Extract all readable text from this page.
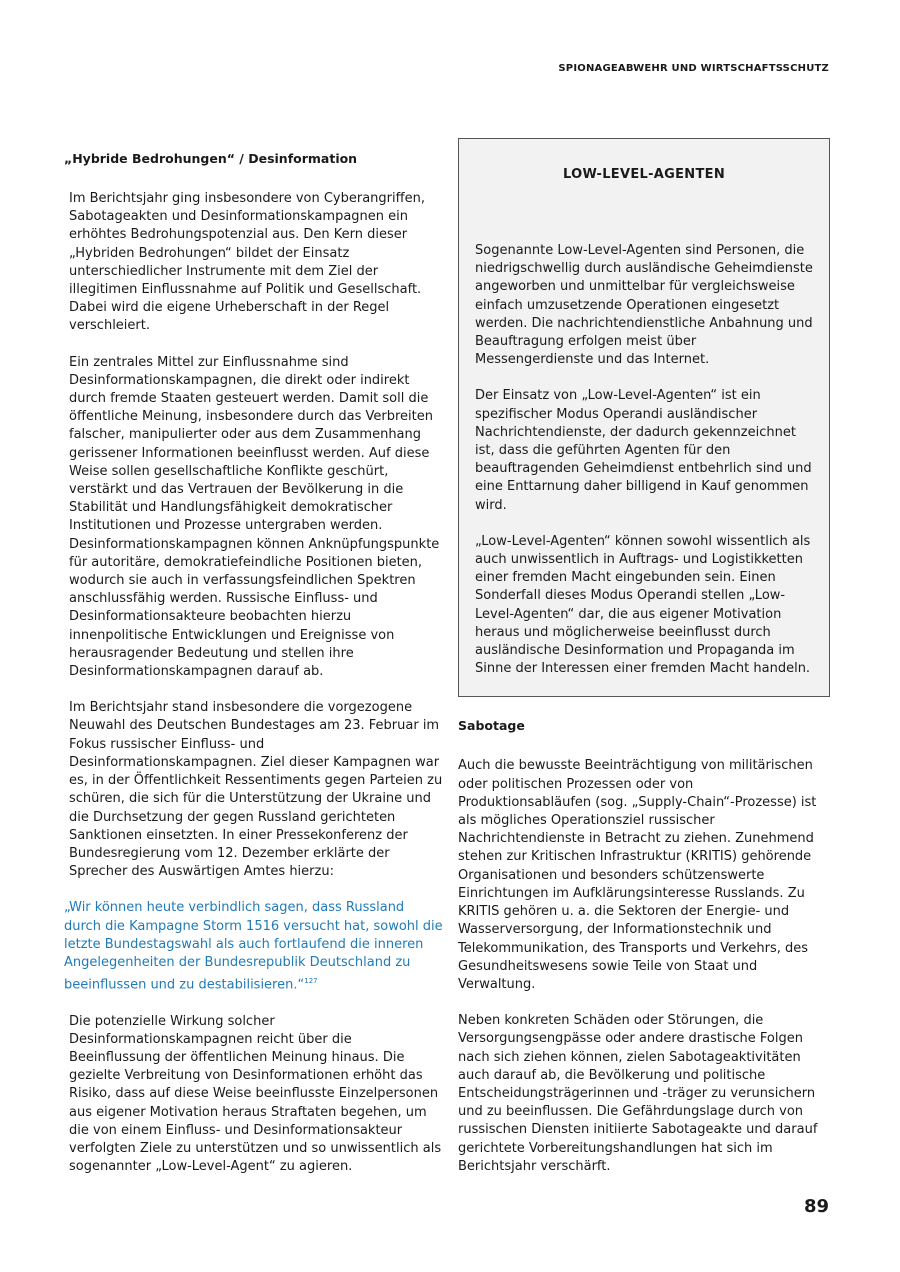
SPIONAGEABWEHR UND WIRTSCHAFTSSCHUTZ
„Hybride Bedrohungen“ / Desinformation

Im Berichtsjahr ging insbesondere von Cyberangriffen, Sabotageakten und Desinformationskampagnen ein erhöhtes Bedrohungspotenzial aus. Den Kern dieser „Hybriden Bedrohungen“ bildet der Einsatz unterschiedlicher Instrumente mit dem Ziel der illegitimen Einflussnahme auf Politik und Gesellschaft. Dabei wird die eigene Urheberschaft in der Regel verschleiert.

Ein zentrales Mittel zur Einflussnahme sind Desinformationskampagnen, die direkt oder indirekt durch fremde Staaten gesteuert werden. Damit soll die öffentliche Meinung, insbesondere durch das Verbreiten falscher, manipulierter oder aus dem Zusammenhang gerissener Informationen beeinflusst werden. Auf diese Weise sollen gesellschaftliche Konflikte geschürt, verstärkt und das Vertrauen der Bevölkerung in die Stabilität und Handlungsfähigkeit demokratischer Institutionen und Prozesse untergraben werden. Desinformationskampagnen können Anknüpfungspunkte für autoritäre, demokratiefeindliche Positionen bieten, wodurch sie auch in verfassungsfeindlichen Spektren anschlussfähig werden. Russische Einfluss- und Desinformationsakteure beobachten hierzu innenpolitische Entwicklungen und Ereignisse von herausragender Bedeutung und stellen ihre Desinformationskampagnen darauf ab.

Im Berichtsjahr stand insbesondere die vorgezogene Neuwahl des Deutschen Bundestages am 23. Februar im Fokus russischer Einfluss- und Desinformationskampagnen. Ziel dieser Kampagnen war es, in der Öffentlichkeit Ressentiments gegen Parteien zu schüren, die sich für die Unterstützung der Ukraine und die Durchsetzung der gegen Russland gerichteten Sanktionen einsetzten. In einer Pressekonferenz der Bundesregierung vom 12. Dezember erklärte der Sprecher des Auswärtigen Amtes hierzu:

„Wir können heute verbindlich sagen, dass Russland durch die Kampagne Storm 1516 versucht hat, sowohl die letzte Bundestagswahl als auch fortlaufend die inneren Angelegenheiten der Bundesrepublik Deutschland zu beeinflussen und zu destabilisieren.“$^{127}$

Die potenzielle Wirkung solcher Desinformationskampagnen reicht über die Beeinflussung der öffentlichen Meinung hinaus. Die gezielte Verbreitung von Desinformationen erhöht das Risiko, dass auf diese Weise beeinflusste Einzelpersonen aus eigener Motivation heraus Straftaten begehen, um die von einem Einfluss- und Desinformationsakteur verfolgten Ziele zu unterstützen und so unwissentlich als sogenannter „Low-Level-Agent“ zu agieren.

LOW-LEVEL-AGENTEN

Sogenannte Low-Level-Agenten sind Personen, die niedrigschwellig durch ausländische Geheimdienste angeworben und unmittelbar für vergleichsweise einfach umzusetzende Operationen eingesetzt werden. Die nachrichtendienstliche Anbahnung und Beauftragung erfolgen meist über Messengerdienste und das Internet.

Der Einsatz von „Low-Level-Agenten“ ist ein spezifischer Modus Operandi ausländischer Nachrichtendienste, der dadurch gekennzeichnet ist, dass die geführten Agenten für den beauftragenden Geheimdienst entbehrlich sind und eine Enttarnung daher billigend in Kauf genommen wird.

„Low-Level-Agenten“ können sowohl wissentlich als auch unwissentlich in Auftrags- und Logistikketten einer fremden Macht eingebunden sein. Einen Sonderfall dieses Modus Operandi stellen „Low-Level-Agenten“ dar, die aus eigener Motivation heraus und möglicherweise beeinflusst durch ausländische Desinformation und Propaganda im Sinne der Interessen einer fremden Macht handeln.

Sabotage

Auch die bewusste Beeinträchtigung von militärischen oder politischen Prozessen oder von Produktionsabläufen (sog. „Supply-Chain“-Prozesse) ist als mögliches Operationsziel russischer Nachrichtendienste in Betracht zu ziehen. Zunehmend stehen zur Kritischen Infrastruktur (KRITIS) gehörende Organisationen und besonders schützenswerte Einrichtungen im Aufklärungsinteresse Russlands. Zu KRITIS gehören u. a. die Sektoren der Energie- und Wasserversorgung, der Informationstechnik und Telekommunikation, des Transports und Verkehrs, des Gesundheitswesens sowie Teile von Staat und Verwaltung.

Neben konkreten Schäden oder Störungen, die Versorgungsengpässe oder andere drastische Folgen nach sich ziehen können, zielen Sabotageaktivitäten auch darauf ab, die Bevölkerung und politische Entscheidungsträgerinnen und -träger zu verunsichern und zu beeinflussen. Die Gefährdungslage durch von russischen Diensten initiierte Sabotageakte und darauf gerichtete Vorbereitungshandlungen hat sich im Berichtsjahr verschärft.

89
